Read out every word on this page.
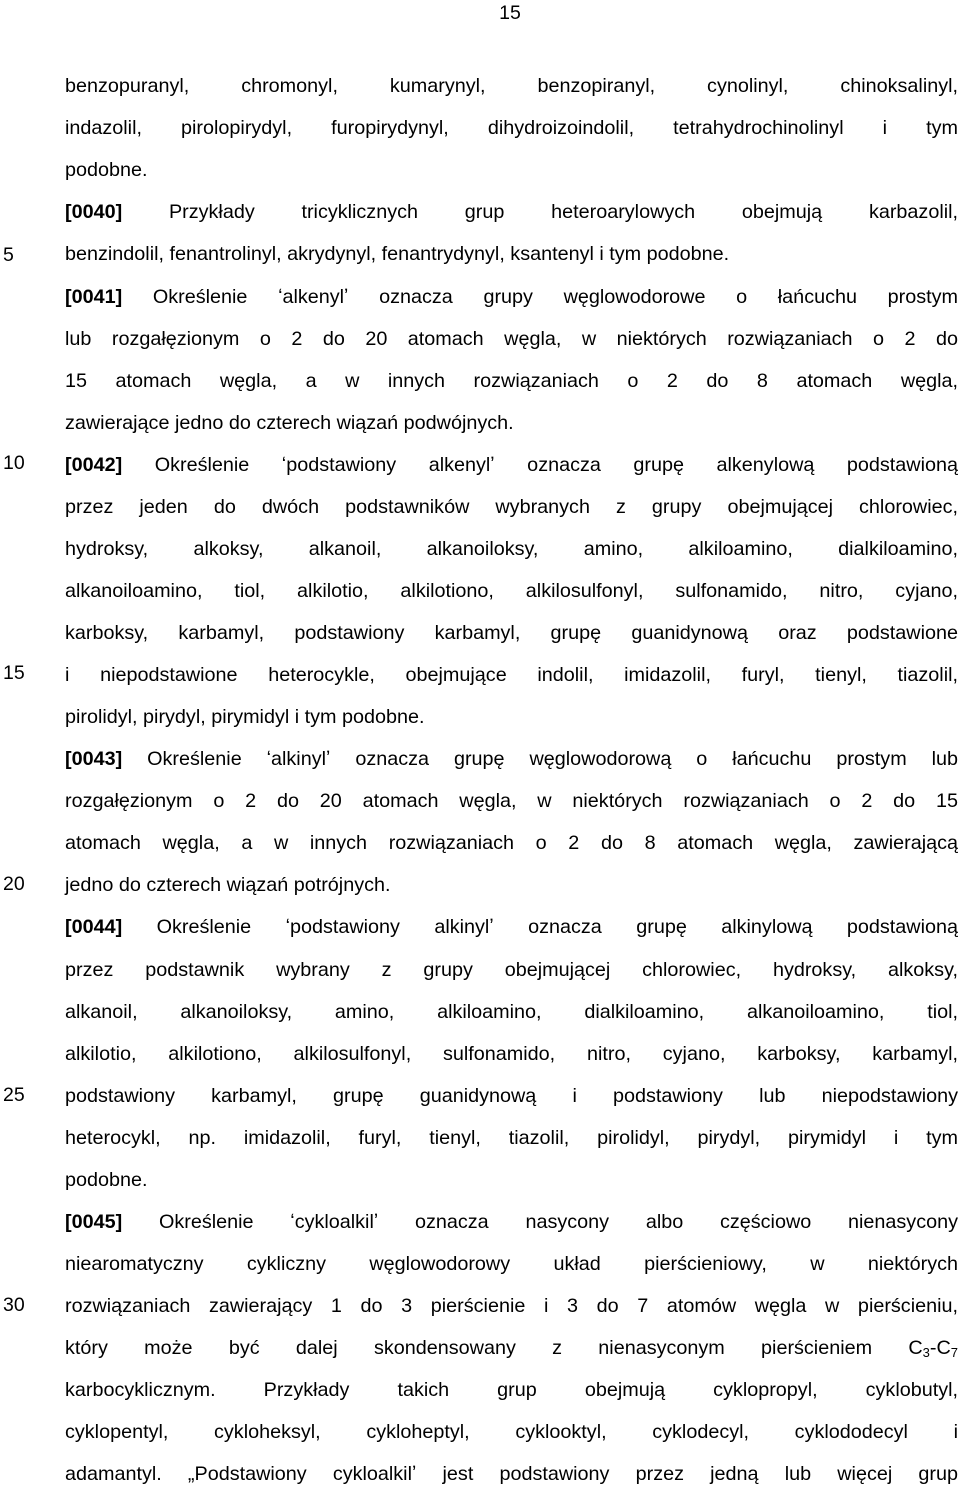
15
5
10
15
20
25
30
benzopuranyl, chromonyl, kumarynyl, benzopiranyl, cynolinyl, chinoksalinyl,
indazolil, pirolopirydyl, furopirydynyl, dihydroizoindolil, tetrahydrochinolinyl i tym
podobne.
[0040] Przykłady tricyklicznych grup heteroarylowych obejmują karbazolil,
benzindolil, fenantrolinyl, akrydynyl, fenantrydynyl, ksantenyl i tym podobne.
[0041] Określenie ʻalkenylʼ oznacza grupy węglowodorowe o łańcuchu prostym
lub rozgałęzionym o 2 do 20 atomach węgla, w niektórych rozwiązaniach o 2 do
15 atomach węgla, a w innych rozwiązaniach o 2 do 8 atomach węgla,
zawierające jedno do czterech wiązań podwójnych.
[0042] Określenie ʻpodstawiony alkenylʼ oznacza grupę alkenylową podstawioną
przez jeden do dwóch podstawników wybranych z grupy obejmującej chlorowiec,
hydroksy, alkoksy, alkanoil, alkanoiloksy, amino, alkiloamino, dialkiloamino,
alkanoiloamino, tiol, alkilotio, alkilotiono, alkilosulfonyl, sulfonamido, nitro, cyjano,
karboksy, karbamyl, podstawiony karbamyl, grupę guanidynową oraz podstawione
i niepodstawione heterocykle, obejmujące indolil, imidazolil, furyl, tienyl, tiazolil,
pirolidyl, pirydyl, pirymidyl i tym podobne.
[0043] Określenie ʻalkinylʼ oznacza grupę węglowodorową o łańcuchu prostym lub
rozgałęzionym o 2 do 20 atomach węgla, w niektórych rozwiązaniach o 2 do 15
atomach węgla, a w innych rozwiązaniach o 2 do 8 atomach węgla, zawierającą
jedno do czterech wiązań potrójnych.
[0044] Określenie ʻpodstawiony alkinylʼ oznacza grupę alkinylową podstawioną
przez podstawnik wybrany z grupy obejmującej chlorowiec, hydroksy, alkoksy,
alkanoil, alkanoiloksy, amino, alkiloamino, dialkiloamino, alkanoiloamino, tiol,
alkilotio, alkilotiono, alkilosulfonyl, sulfonamido, nitro, cyjano, karboksy, karbamyl,
podstawiony karbamyl, grupę guanidynową i podstawiony lub niepodstawiony
heterocykl, np. imidazolil, furyl, tienyl, tiazolil, pirolidyl, pirydyl, pirymidyl i tym
podobne.
[0045] Określenie ʻcykloalkilʼ oznacza nasycony albo częściowo nienasycony
niearomatyczny cykliczny węglowodorowy układ pierścieniowy, w niektórych
rozwiązaniach zawierający 1 do 3 pierścienie i 3 do 7 atomów węgla w pierścieniu,
który może być dalej skondensowany z nienasyconym pierścieniem $C_3-C_7$
karbocyklicznym. Przykłady takich grup obejmują cyklopropyl, cyklobutyl,
cyklopentyl, cykloheksyl, cykloheptyl, cyklooktyl, cyklodecyl, cyklododecyl i
adamantyl. „Podstawiony cykloalkilʼ jest podstawiony przez jedną lub więcej grup
